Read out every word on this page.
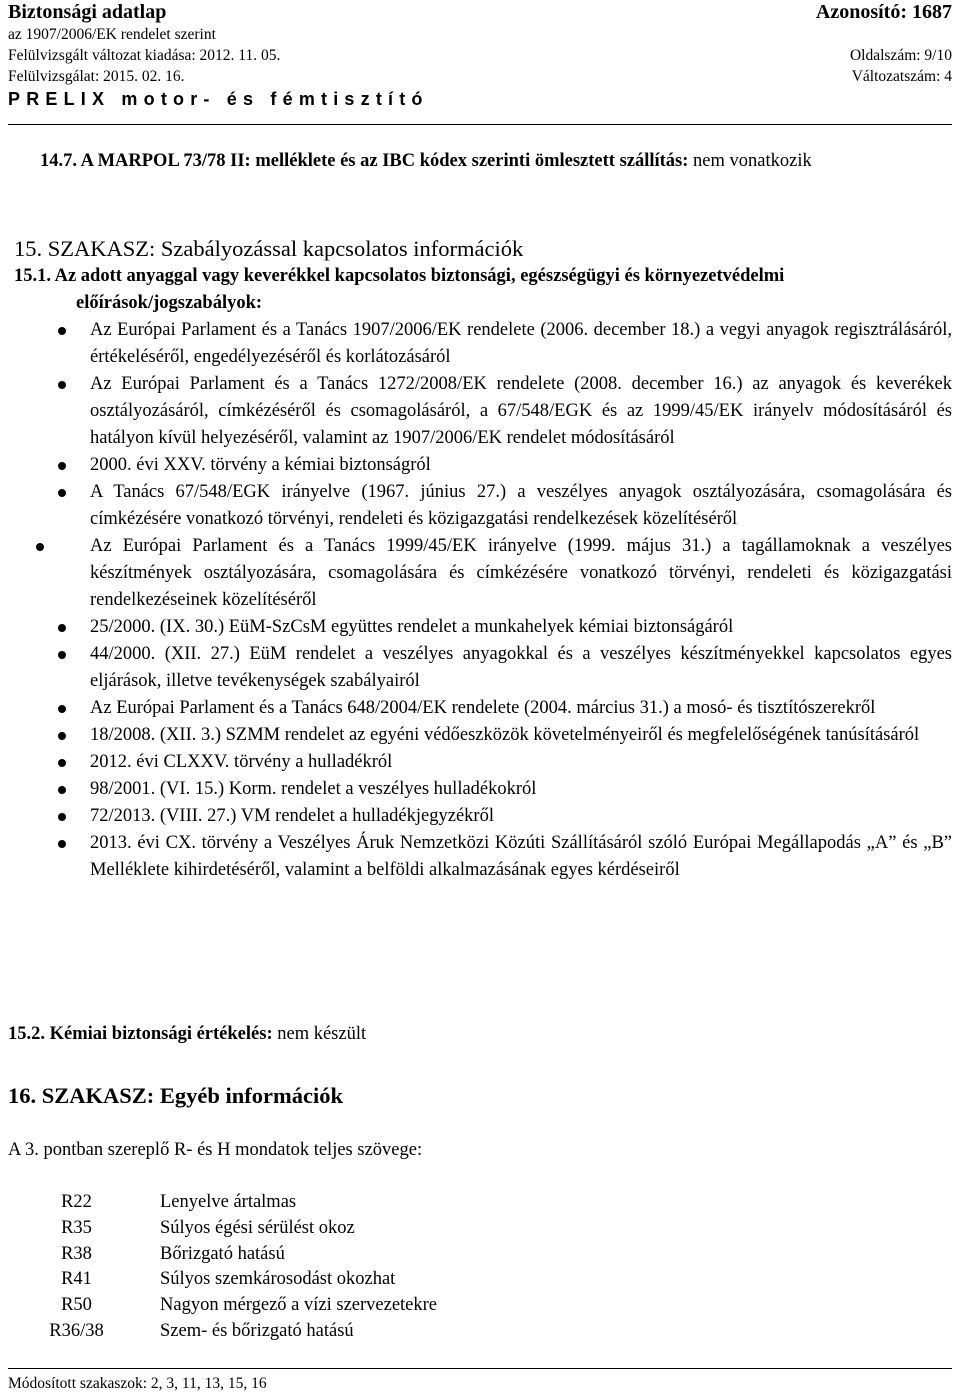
Biztonsági adatlap	Azonosító: 1687
az 1907/2006/EK rendelet szerint
Felülvizsgált változat kiadása: 2012. 11. 05.	Oldalszám: 9/10
Felülvizsgálat: 2015. 02. 16.	Változatszám: 4
PRELIX motor- és fémtisztító
14.7. A MARPOL 73/78 II: melléklete és az IBC kódex szerinti ömlesztett szállítás: nem vonatkozik
15. SZAKASZ: Szabályozással kapcsolatos információk
15.1. Az adott anyaggal vagy keverékkel kapcsolatos biztonsági, egészségügyi és környezetvédelmi
előírások/jogszabályok:
Az Európai Parlament és a Tanács 1907/2006/EK rendelete (2006. december 18.) a vegyi anyagok regisztrálásáról, értékeléséről, engedélyezéséről és korlátozásáról
Az Európai Parlament és a Tanács 1272/2008/EK rendelete (2008. december 16.) az anyagok és keverékek osztályozásáról, címkézéséről és csomagolásáról, a 67/548/EGK és az 1999/45/EK irányelv módosításáról és hatályon kívül helyezéséről, valamint az 1907/2006/EK rendelet módosításáról
2000. évi XXV. törvény a kémiai biztonságról
A Tanács 67/548/EGK irányelve (1967. június 27.) a veszélyes anyagok osztályozására, csomagolására és címkézésére vonatkozó törvényi, rendeleti és közigazgatási rendelkezések közelítéséről
Az Európai Parlament és a Tanács 1999/45/EK irányelve (1999. május 31.) a tagállamoknak a veszélyes készítmények osztályozására, csomagolására és címkézésére vonatkozó törvényi, rendeleti és közigazgatási rendelkezéseinek közelítéséről
25/2000. (IX. 30.) EüM-SzCsM együttes rendelet a munkahelyek kémiai biztonságáról
44/2000. (XII. 27.) EüM rendelet a veszélyes anyagokkal és a veszélyes készítményekkel kapcsolatos egyes eljárások, illetve tevékenységek szabályairól
Az Európai Parlament és a Tanács 648/2004/EK rendelete (2004. március 31.) a mosó- és tisztítószerekről
18/2008. (XII. 3.) SZMM rendelet az egyéni védőeszközök követelményeiről és megfelelőségének tanúsításáról
2012. évi CLXXV. törvény a hulladékról
98/2001. (VI. 15.) Korm. rendelet a veszélyes hulladékokról
72/2013. (VIII. 27.) VM rendelet a hulladékjegyzékről
2013. évi CX. törvény a Veszélyes Áruk Nemzetközi Közúti Szállításáról szóló Európai Megállapodás „A” és „B” Melléklete kihirdetéséről, valamint a belföldi alkalmazásának egyes kérdéseiről
15.2. Kémiai biztonsági értékelés: nem készült
16. SZAKASZ: Egyéb információk
A 3. pontban szereplő R- és H mondatok teljes szövege:
R22	Lenyelve ártalmas
R35	Súlyos égési sérülést okoz
R38	Bőrizgató hatású
R41	Súlyos szemkárosodást okozhat
R50	Nagyon mérgező a vízi szervezetekre
R36/38	Szem- és bőrizgató hatású
Módosított szakaszok: 2, 3, 11, 13, 15, 16
